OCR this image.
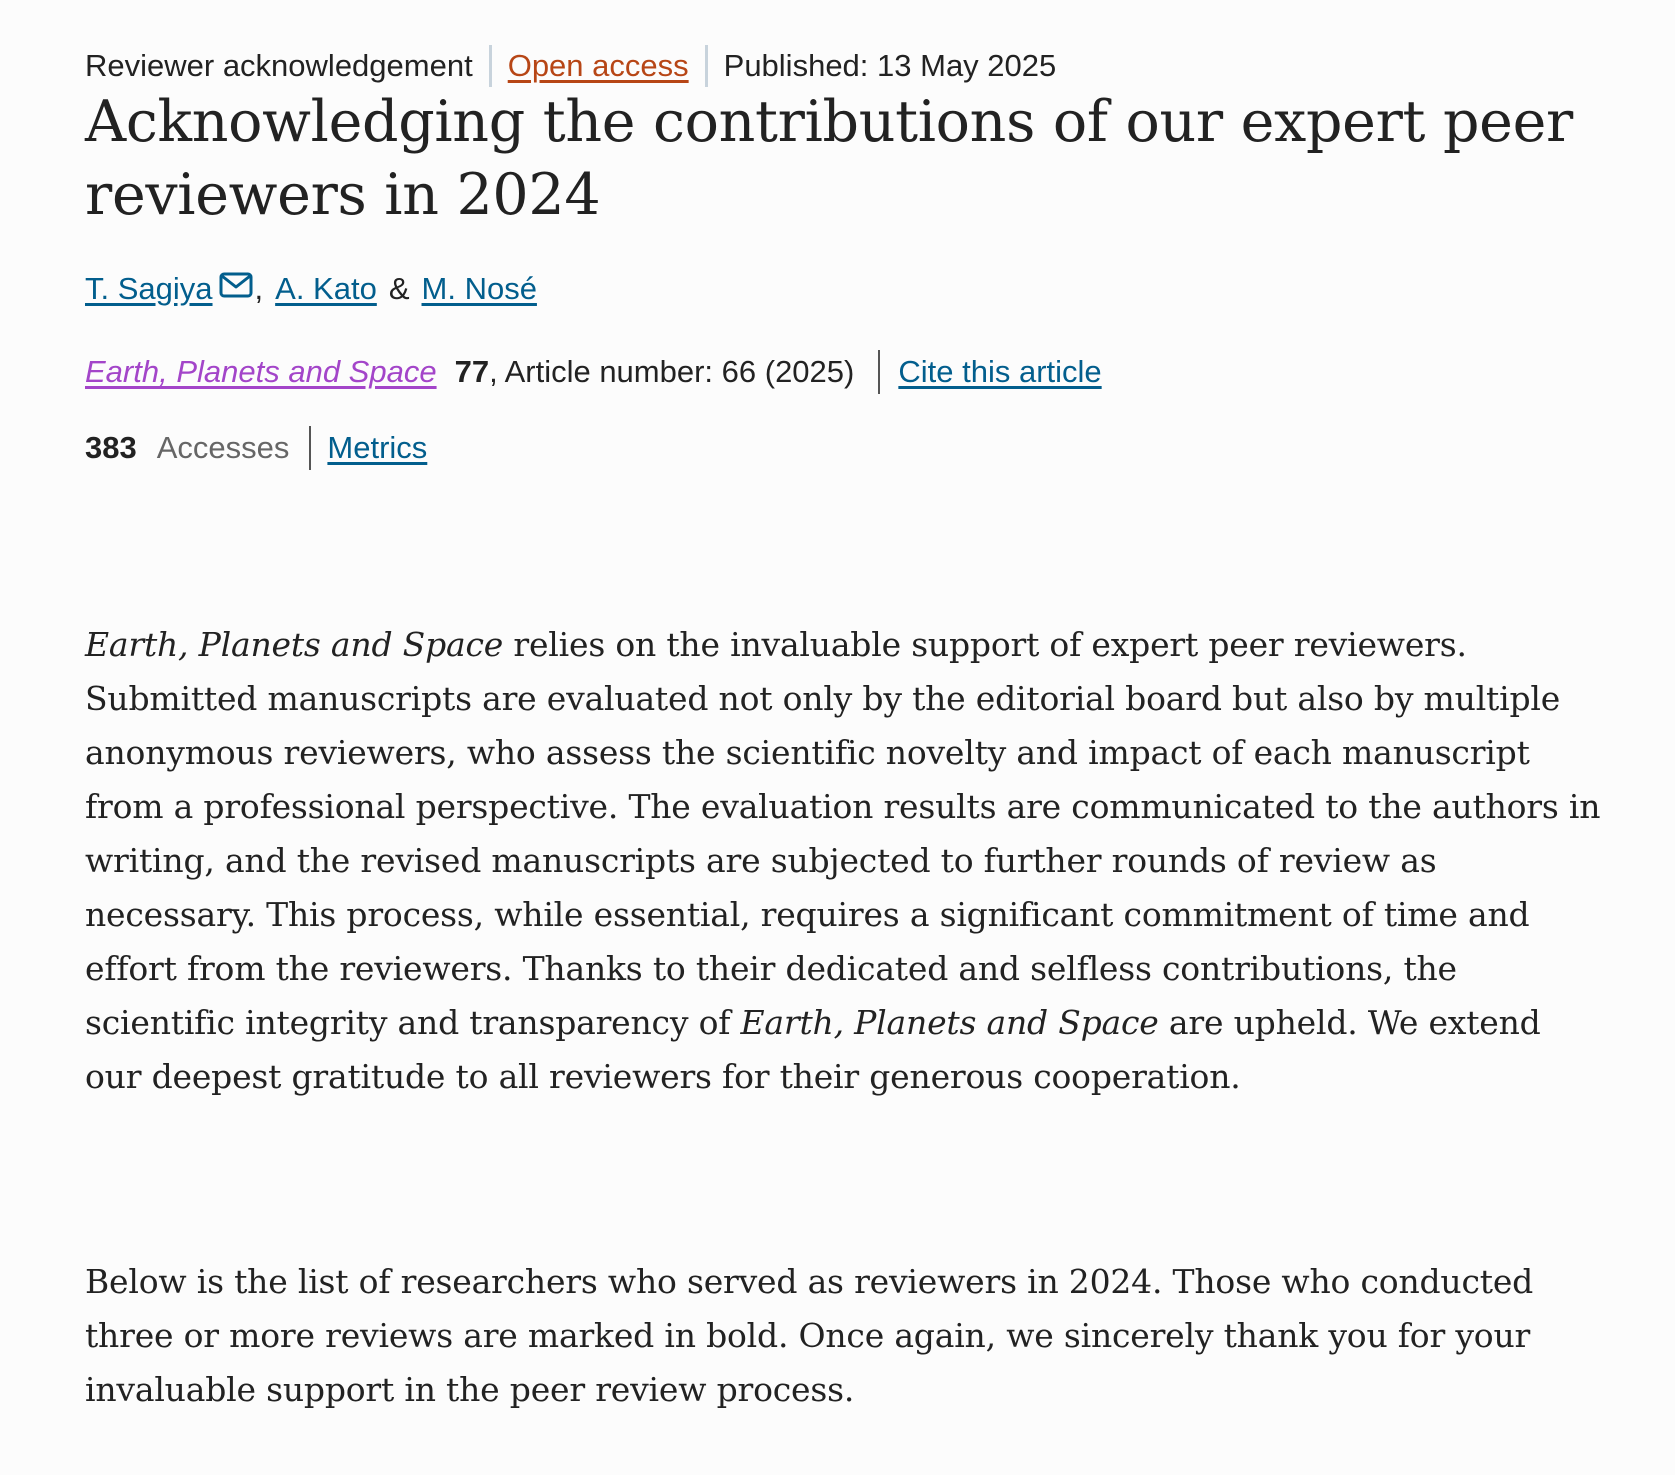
Reviewer acknowledgement Open access Published: 13 May 2025
Acknowledging the contributions of our expert peer reviewers in 2024
T. Sagiya , A. Kato & M. Nosé
Earth, Planets and Space 77 , Article number: 66 (2025) Cite this article
383 Accesses Metrics

Earth, Planets and Space relies on the invaluable support of expert peer reviewers. Submitted manuscripts are evaluated not only by the editorial board but also by multiple anonymous reviewers, who assess the scientific novelty and impact of each manuscript from a professional perspective. The evaluation results are communicated to the authors in writing, and the revised manuscripts are subjected to further rounds of review as necessary. This process, while essential, requires a significant commitment of time and effort from the reviewers. Thanks to their dedicated and selfless contributions, the scientific integrity and transparency of Earth, Planets and Space are upheld. We extend our deepest gratitude to all reviewers for their generous cooperation.

Below is the list of researchers who served as reviewers in 2024. Those who conducted three or more reviews are marked in bold. Once again, we sincerely thank you for your invaluable support in the peer review process.
